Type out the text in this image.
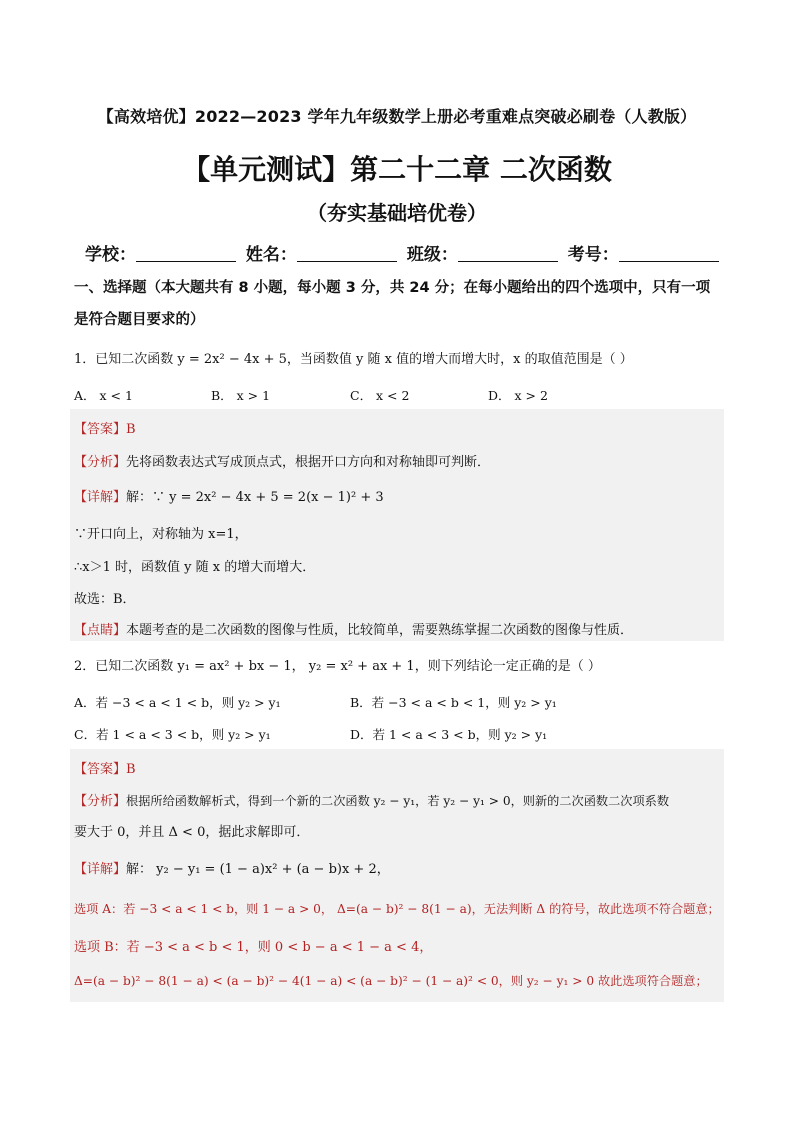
【高效培优】2022—2023 学年九年级数学上册必考重难点突破必刷卷（人教版）
【单元测试】第二十二章 二次函数
（夯实基础培优卷）
学校：	姓名：	班级：	考号：
一、选择题（本大题共有 8 小题，每小题 3 分，共 24 分；在每小题给出的四个选项中，只有一项是符合题目要求的）
1．已知二次函数 y = 2x² − 4x + 5，当函数值 y 随 x 值的增大而增大时，x 的取值范围是（ ）
A． x < 1	B． x > 1	C． x < 2	D． x > 2
【答案】B
【分析】先将函数表达式写成顶点式，根据开口方向和对称轴即可判断．
【详解】解：∵ y = 2x² − 4x + 5 = 2(x − 1)² + 3
∵开口向上，对称轴为 x=1，
∴x＞1 时，函数值 y 随 x 的增大而增大．
故选：B．
【点睛】本题考查的是二次函数的图像与性质，比较简单，需要熟练掌握二次函数的图像与性质．
2．已知二次函数 y₁ = ax² + bx − 1， y₂ = x² + ax + 1，则下列结论一定正确的是（ ）
A．若 −3 < a < 1 < b，则 y₂ > y₁	B．若 −3 < a < b < 1，则 y₂ > y₁
C．若 1 < a < 3 < b，则 y₂ > y₁	D．若 1 < a < 3 < b，则 y₂ > y₁
【答案】B
【分析】根据所给函数解析式，得到一个新的二次函数 y₂ − y₁，若 y₂ − y₁ > 0，则新的二次函数二次项系数
要大于 0，并且 Δ < 0，据此求解即可．
【详解】解： y₂ − y₁ = (1 − a)x² + (a − b)x + 2，
选项 A：若 −3 < a < 1 < b，则 1 − a > 0， Δ=(a − b)² − 8(1 − a)，无法判断 Δ 的符号，故此选项不符合题意；
选项 B：若 −3 < a < b < 1，则 0 < b − a < 1 − a < 4，
Δ=(a − b)² − 8(1 − a) < (a − b)² − 4(1 − a) < (a − b)² − (1 − a)² < 0，则 y₂ − y₁ > 0 故此选项符合题意；
